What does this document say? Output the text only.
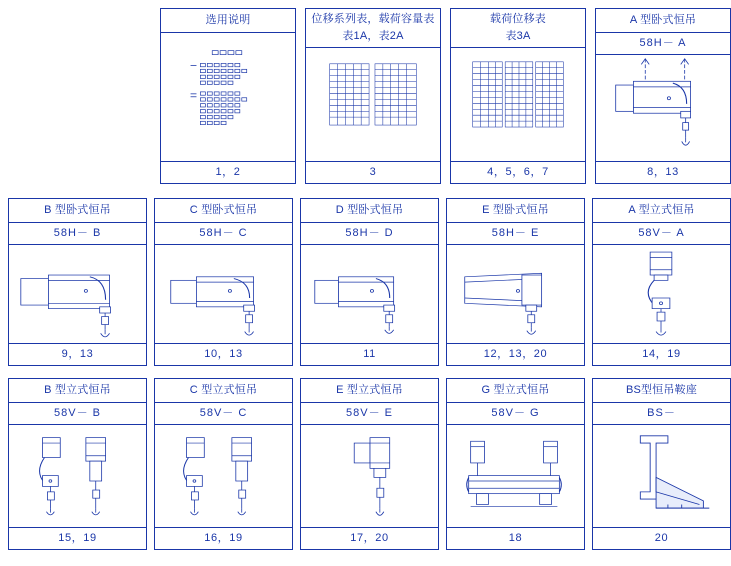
选用说明
1，2
位移系列表，载荷容量表
表1A，表2A
3
载荷位移表
表3A
4，5，6，7
A 型卧式恒吊
58H－ A
8，13
B 型卧式恒吊
58H－ B
9，13
C 型卧式恒吊
58H－ C
10，13
D 型卧式恒吊
58H－ D
11
E 型卧式恒吊
58H－ E
12，13，20
A 型立式恒吊
58V－ A
14，19
B 型立式恒吊
58V－ B
15，19
C 型立式恒吊
58V－ C
16，19
E 型立式恒吊
58V－ E
17，20
G 型立式恒吊
58V－ G
18
BS型恒吊鞍座
BS－
20
